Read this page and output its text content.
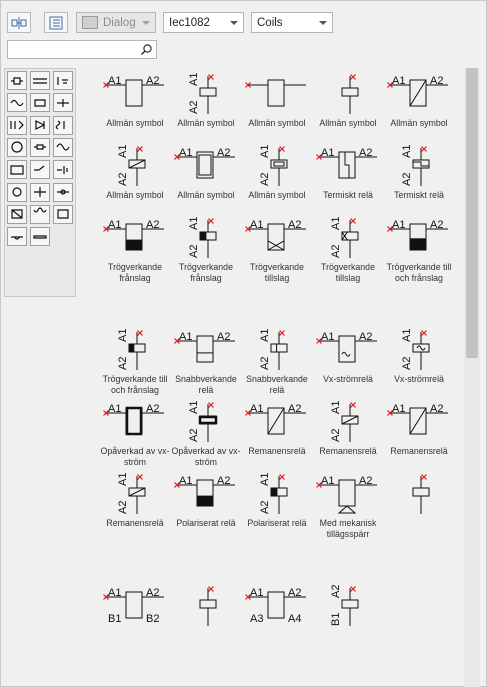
Dialog	Iec1082	Coils
A1 A2
Allmän symbol
A1
A2
Allmän symbol	Allmän symbol	Allmän symbol
A1 A2
Allmän symbol
A1
A2
Allmän symbol
A1 A2
Allmän symbol
A1
A2
Allmän symbol
A1 A2
Termiskt relä
A1
A2
Termiskt relä
A1 A2
Trögverkande frånslag
A1
A2
Trögverkande frånslag
A1 A2
Trögverkande tillslag
A1
A2
Trögverkande tillslag
A1 A2
Trögverkande till och frånslag
A1
A2
Trögverkande till och frånslag
A1 A2
Snabbverkande relä
A1
A2
Snabbverkande relä
A1 A2
Vx-strömrelä
A1
A2
Vx-strömrelä
A1 A2
Opåverkad av vx-ström
A1
A2
Opåverkad av vx-ström
A1 A2
Remanensrelä
A1
A2
Remanensrelä
A1 A2
Remanensrelä
A1
A2
Remanensrelä
A1 A2
Polariserat relä
A1
A2
Polariserat relä
A1 A2
Med mekanisk tillägsspärr
A1 A2
B1 B2
A1 A2
A3 A4
A2
B1
